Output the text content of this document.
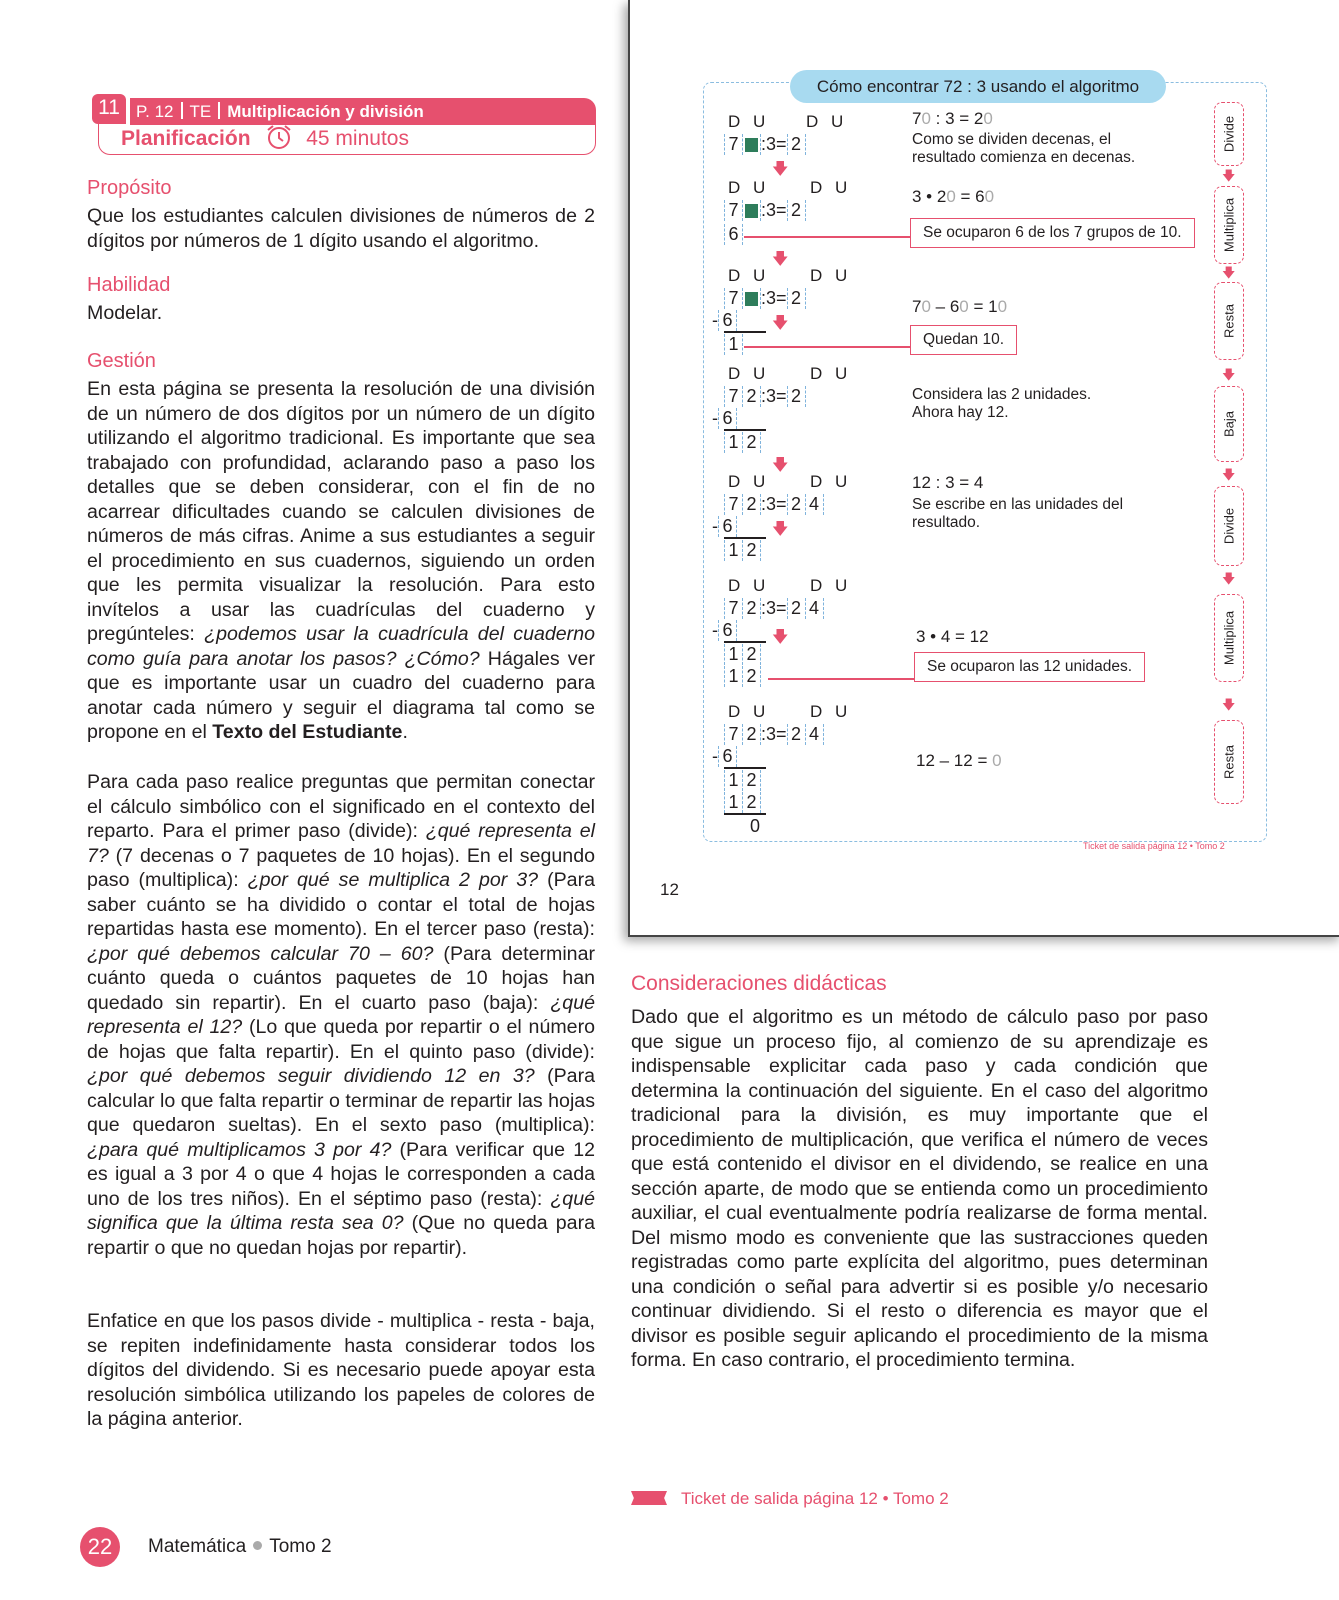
11 P. 12 TE Multiplicación y división
Planificación	45 minutos
Propósito
Que los estudiantes calculen divisiones de números de 2 dígitos por números de 1 dígito usando el algoritmo.
Habilidad
Modelar.
Gestión
En esta página se presenta la resolución de una división de un número de dos dígitos por un número de un dígito utilizando el algoritmo tradicional. Es importante que sea trabajado con profundidad, aclarando paso a paso los detalles que se deben considerar, con el fin de no acarrear dificultades cuando se calculen divisiones de números de más cifras. Anime a sus estudiantes a seguir el procedimiento en sus cuadernos, siguiendo un orden que les permita visualizar la resolución. Para esto invítelos a usar las cuadrículas del cuaderno y pregúnteles: ¿podemos usar la cuadrícula del cuaderno como guía para anotar los pasos? ¿Cómo? Hágales ver que es importante usar un cuadro del cuaderno para anotar cada número y seguir el diagrama tal como se propone en el Texto del Estudiante.
Para cada paso realice preguntas que permitan conectar el cálculo simbólico con el significado en el contexto del reparto. Para el primer paso (divide): ¿qué representa el 7? (7 decenas o 7 paquetes de 10 hojas). En el segundo paso (multiplica): ¿por qué se multiplica 2 por 3? (Para saber cuánto se ha dividido o contar el total de hojas repartidas hasta ese momento). En el tercer paso (resta): ¿por qué debemos calcular 70 – 60? (Para determinar cuánto queda o cuántos paquetes de 10 hojas han quedado sin repartir). En el cuarto paso (baja): ¿qué representa el 12? (Lo que queda por repartir o el número de hojas que falta repartir). En el quinto paso (divide): ¿por qué debemos seguir dividiendo 12 en 3? (Para calcular lo que falta repartir o terminar de repartir las hojas que quedaron sueltas). En el sexto paso (multiplica): ¿para qué multiplicamos 3 por 4? (Para verificar que 12 es igual a 3 por 4 o que 4 hojas le corresponden a cada uno de los tres niños). En el séptimo paso (resta): ¿qué significa que la última resta sea 0? (Que no queda para repartir o que no quedan hojas por repartir).
Enfatice en que los pasos divide - multiplica - resta - baja, se repiten indefinidamente hasta considerar todos los dígitos del dividendo. Si es necesario puede apoyar esta resolución simbólica utilizando los papeles de colores de la página anterior.
Cómo encontrar 72 : 3 usando el algoritmo
D U D U
7 :3= 2
🡇
70 : 3 = 20
Como se dividen decenas, el resultado comienza en decenas.
D U D U
7 :3= 2
6
🡇
3 • 20 = 60
Se ocuparon 6 de los 7 grupos de 10.
D U D U
7 :3= 2
- 6
1
🡇
70 – 60 = 10
Quedan 10.
D U D U
7 2 :3= 2
- 6
1 2
🡇
Considera las 2 unidades. Ahora hay 12.
D U D U
7 2 :3= 2 4
- 6
1 2
🡇
12 : 3 = 4
Se escribe en las unidades del resultado.
D U D U
7 2 :3= 2 4
- 6
1 2
1 2
🡇	3 • 4 = 12
Se ocuparon las 12 unidades.
D U D U
7 2 :3= 2 4
- 6
1 2
1 2
0
12 – 12 = 0
Divide
🡇
Multiplica
🡇
Resta
🡇
Baja
🡇
Divide
🡇
Multiplica
🡇
Resta
Ticket de salida página 12 • Tomo 2
12
Consideraciones didácticas
Dado que el algoritmo es un método de cálculo paso por paso que sigue un proceso fijo, al comienzo de su aprendizaje es indispensable explicitar cada paso y cada condición que determina la continuación del siguiente. En el caso del algoritmo tradicional para la división, es muy importante que el procedimiento de multiplicación, que verifica el número de veces que está contenido el divisor en el dividendo, se realice en una sección aparte, de modo que se entienda como un procedimiento auxiliar, el cual eventualmente podría realizarse de forma mental. Del mismo modo es conveniente que las sustracciones queden registradas como parte explícita del algoritmo, pues determinan una condición o señal para advertir si es posible y/o necesario continuar dividiendo. Si el resto o diferencia es mayor que el divisor es posible seguir aplicando el procedimiento de la misma forma. En caso contrario, el procedimiento termina.
Ticket de salida página 12 • Tomo 2
22	Matemática Tomo 2
